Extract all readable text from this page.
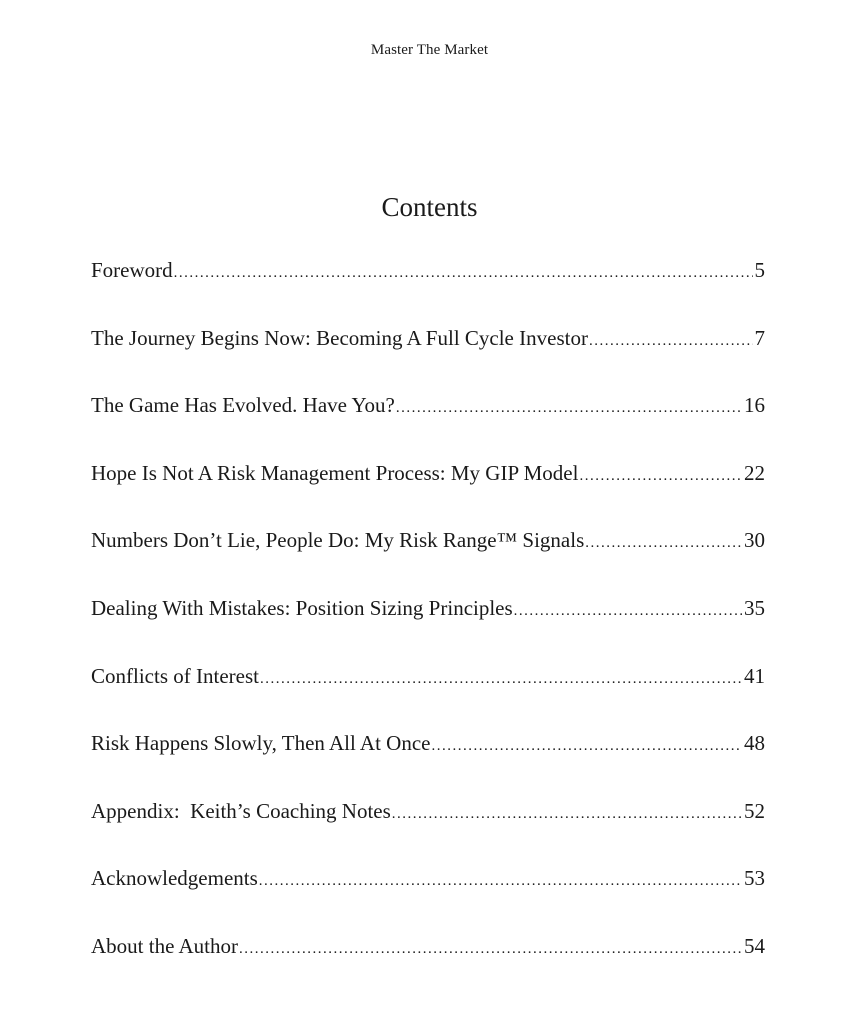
Master The Market
Contents
Foreword .....	5
The Journey Begins Now: Becoming A Full Cycle Investor .....	7
The Game Has Evolved. Have You? .....	16
Hope Is Not A Risk Management Process: My GIP Model .....	22
Numbers Don’t Lie, People Do: My Risk Range™ Signals .....	30
Dealing With Mistakes: Position Sizing Principles .....	35
Conflicts of Interest .....	41
Risk Happens Slowly, Then All At Once .....	48
Appendix:  Keith’s Coaching Notes .....	52
Acknowledgements .....	53
About the Author .....	54
